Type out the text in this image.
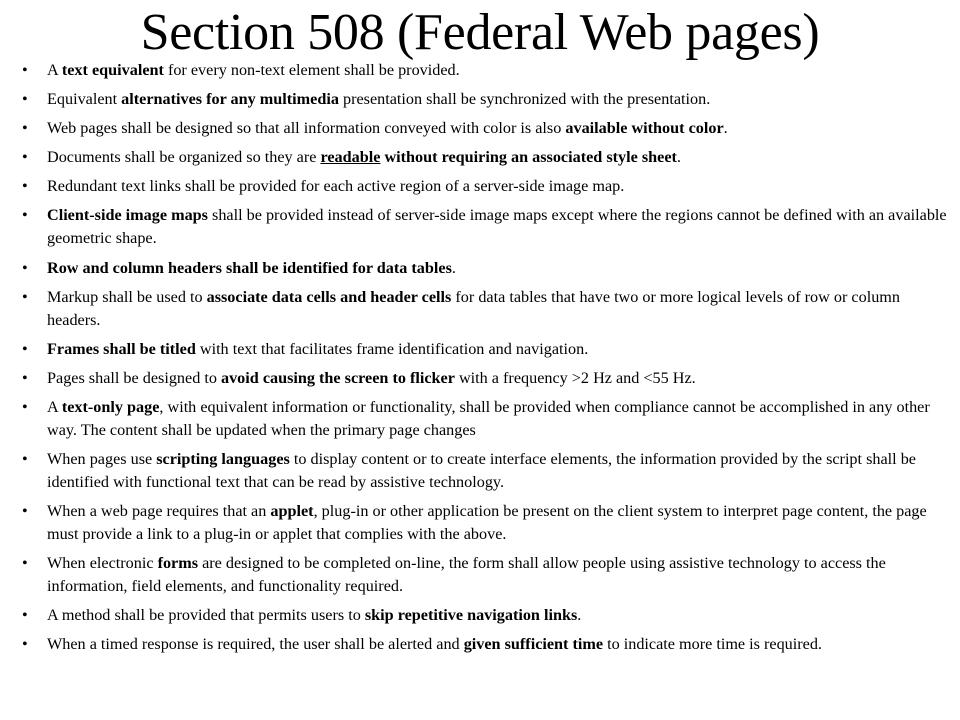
Section 508 (Federal Web pages)
• A text equivalent for every non-text element shall be provided.
• Equivalent alternatives for any multimedia presentation shall be synchronized with the presentation.
• Web pages shall be designed so that all information conveyed with color is also available without color.
• Documents shall be organized so they are readable without requiring an associated style sheet.
• Redundant text links shall be provided for each active region of a server-side image map.
• Client-side image maps shall be provided instead of server-side image maps except where the regions cannot be defined with an available geometric shape.
• Row and column headers shall be identified for data tables.
• Markup shall be used to associate data cells and header cells for data tables that have two or more logical levels of row or column headers.
• Frames shall be titled with text that facilitates frame identification and navigation.
• Pages shall be designed to avoid causing the screen to flicker with a frequency >2 Hz and <55 Hz.
• A text-only page, with equivalent information or functionality, shall be provided when compliance cannot be accomplished in any other way. The content shall be updated when the primary page changes
• When pages use scripting languages to display content or to create interface elements, the information provided by the script shall be identified with functional text that can be read by assistive technology.
• When a web page requires that an applet, plug-in or other application be present on the client system to interpret page content, the page must provide a link to a plug-in or applet that complies with the above.
• When electronic forms are designed to be completed on-line, the form shall allow people using assistive technology to access the information, field elements, and functionality required.
• A method shall be provided that permits users to skip repetitive navigation links.
• When a timed response is required, the user shall be alerted and given sufficient time to indicate more time is required.
